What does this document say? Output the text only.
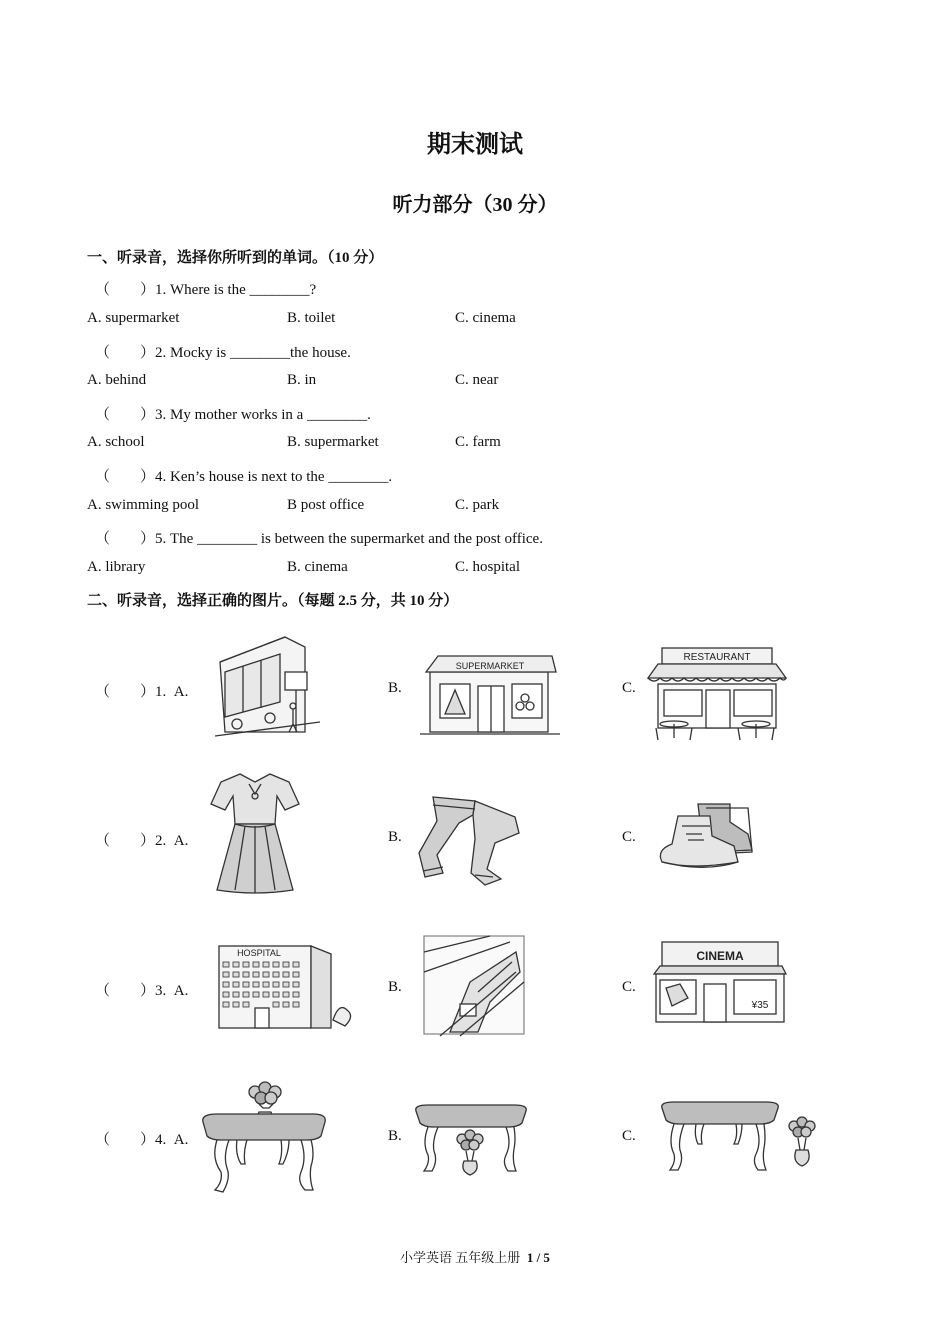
期末测试
听力部分（30 分）
一、听录音，选择你所听到的单词。（10 分）
（        ）1. Where is the ________?
A. supermarket	B. toilet	C. cinema
（        ）2. Mocky is ________the house.
A. behind	B. in	C. near
（        ）3. My mother works in a ________.
A. school	B. supermarket	C. farm
（        ）4. Ken’s house is next to the ________.
A. swimming pool	B post office	C. park
（        ）5. The ________ is between the supermarket and the post office.
A. library	B. cinema	C. hospital
二、听录音，选择正确的图片。（每题 2.5 分，共 10 分）
（        ）1.  A.	B.	C.
SUPERMARKET
RESTAURANT
（        ）2.  A.	B.	C.
（        ）3.  A.	B.	C.
HOSPITAL	CINEMA
¥35
（        ）4.  A.	B.	C.
小学英语 五年级上册 1 / 5
